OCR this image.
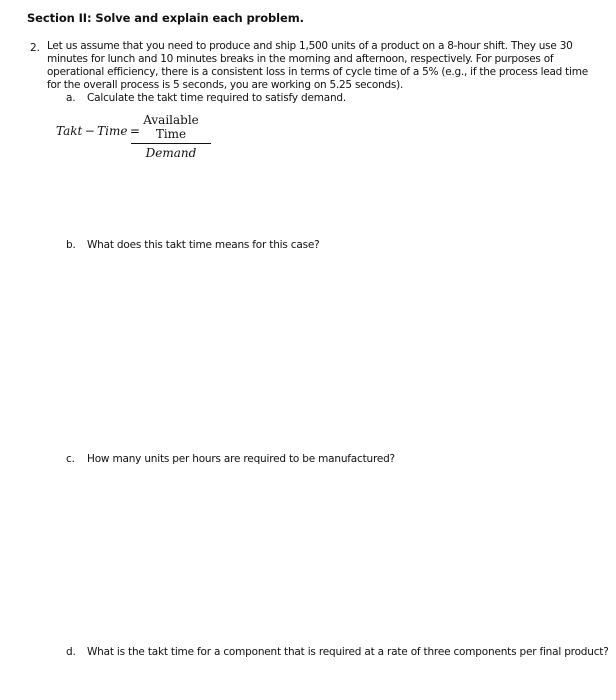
Section II: Solve and explain each problem.
2. Let us assume that you need to produce and ship 1,500 units of a product on a 8-hour shift. They use 30 minutes for lunch and 10 minutes breaks in the morning and afternoon, respectively. For purposes of operational efficiency, there is a consistent loss in terms of cycle time of a 5% (e.g., if the process lead time for the overall process is 5 seconds, you are working on 5.25 seconds).
a. Calculate the takt time required to satisfy demand.
Takt − Time =
Available Time
Demand
b. What does this takt time means for this case?
c. How many units per hours are required to be manufactured?
d. What is the takt time for a component that is required at a rate of three components per final product?
